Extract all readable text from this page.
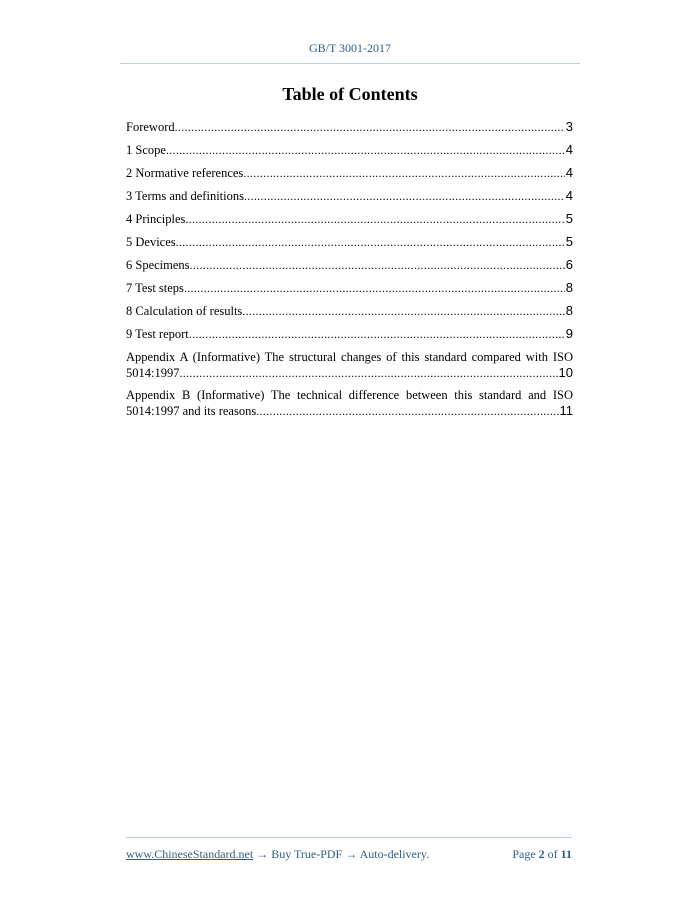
GB/T 3001-2017
Table of Contents
Foreword .....	3
1 Scope .....	4
2 Normative references .....	4
3 Terms and definitions .....	4
4 Principles .....	5
5 Devices .....	5
6 Specimens .....	6
7 Test steps .....	8
8 Calculation of results .....	8
9 Test report .....	9
Appendix A (Informative) The structural changes of this standard compared with ISO
5014:1997 .....	10
Appendix B (Informative) The technical difference between this standard and ISO
5014:1997 and its reasons .....	11
www.ChineseStandard.net → Buy True-PDF → Auto-delivery.	Page 2 of 11
